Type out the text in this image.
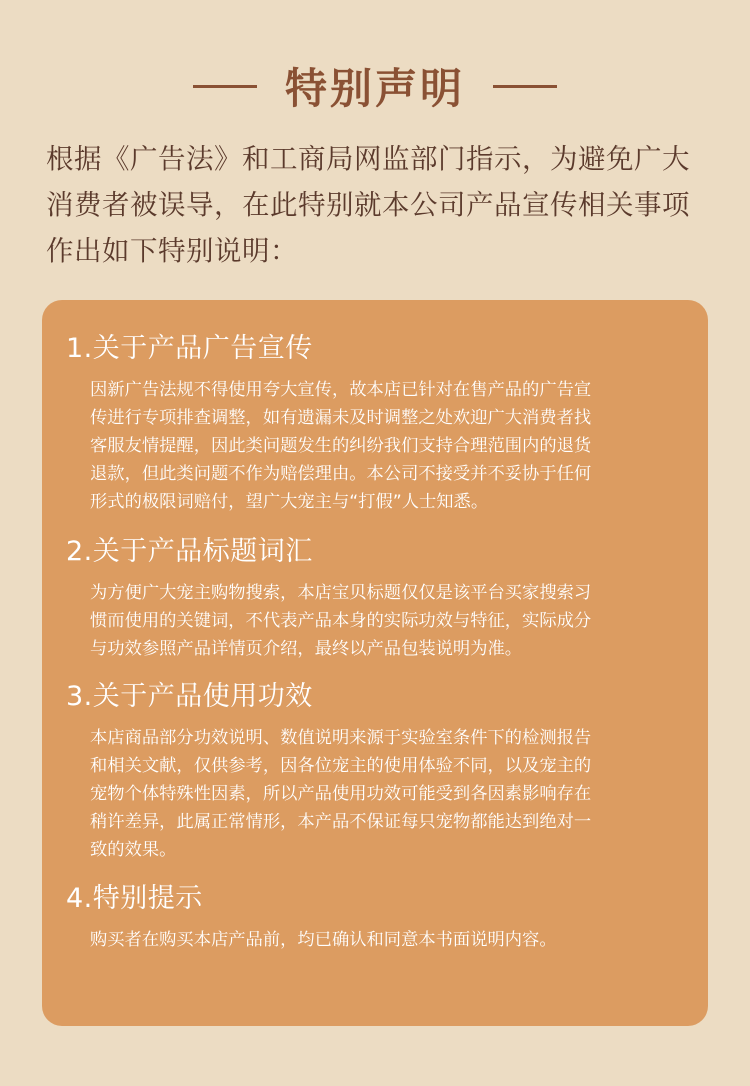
特别声明

根据《广告法》和工商局网监部门指示，为避免广大

消费者被误导，在此特别就本公司产品宣传相关事项

作出如下特别说明：

1.关于产品广告宣传

因新广告法规不得使用夸大宣传，故本店已针对在售产品的广告宣

传进行专项排查调整，如有遗漏未及时调整之处欢迎广大消费者找

客服友情提醒，因此类问题发生的纠纷我们支持合理范围内的退货

退款，但此类问题不作为赔偿理由。本公司不接受并不妥协于任何

形式的极限词赔付，望广大宠主与“打假”人士知悉。

2.关于产品标题词汇

为方便广大宠主购物搜索，本店宝贝标题仅仅是该平台买家搜索习

惯而使用的关键词，不代表产品本身的实际功效与特征，实际成分

与功效参照产品详情页介绍，最终以产品包装说明为准。

3.关于产品使用功效

本店商品部分功效说明、数值说明来源于实验室条件下的检测报告

和相关文献，仅供参考，因各位宠主的使用体验不同，以及宠主的

宠物个体特殊性因素，所以产品使用功效可能受到各因素影响存在

稍许差异，此属正常情形，本产品不保证每只宠物都能达到绝对一

致的效果。

4.特别提示

购买者在购买本店产品前，均已确认和同意本书面说明内容。
